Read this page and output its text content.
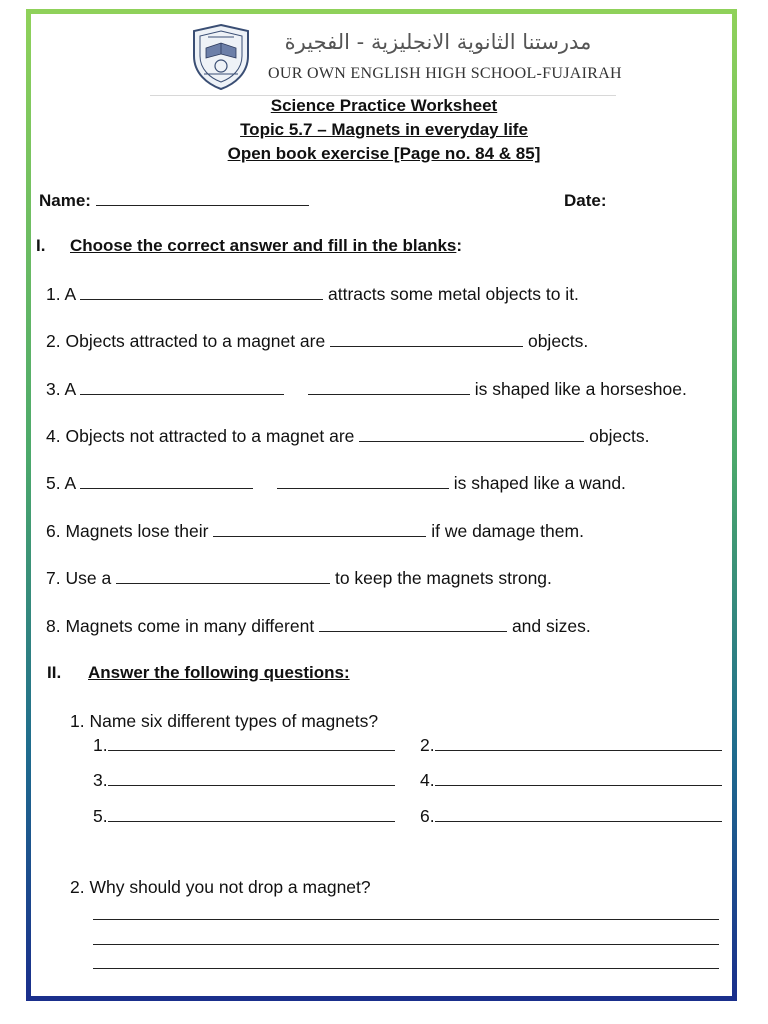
مدرستنا الثانوية الانجليزية - الفجيرة
OUR OWN ENGLISH HIGH SCHOOL-FUJAIRAH
Science Practice Worksheet
Topic 5.7 – Magnets in everyday life
Open book exercise [Page no. 84 & 85]
Name:	Date:
I. Choose the correct answer and fill in the blanks:
1. A	attracts some metal objects to it.
2. Objects attracted to a magnet are	objects.
3. A	is shaped like a horseshoe.
4. Objects not attracted to a magnet are	objects.
5. A	is shaped like a wand.
6. Magnets lose their	if we damage them.
7. Use a	to keep the magnets strong.
8. Magnets come in many different	and sizes.
II. Answer the following questions:
1. Name six different types of magnets?
1.	2.
3.	4.
5.	6.
2. Why should you not drop a magnet?
